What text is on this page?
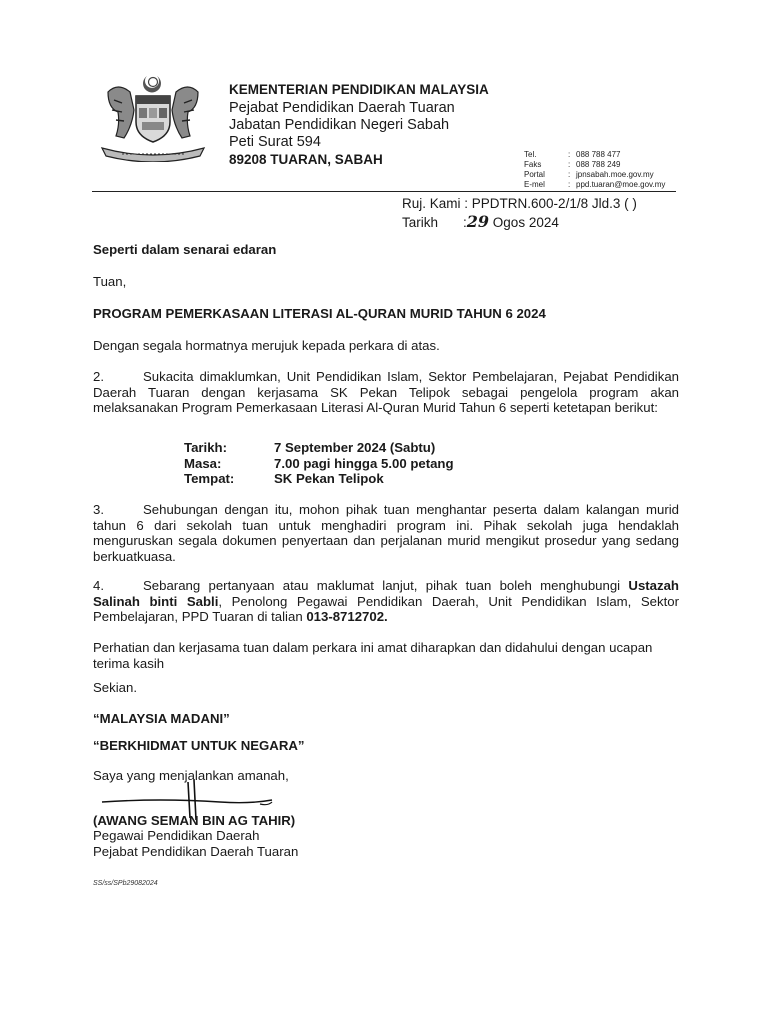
KEMENTERIAN PENDIDIKAN MALAYSIA
Pejabat Pendidikan Daerah Tuaran
Jabatan Pendidikan Negeri Sabah
Peti Surat 594
89208 TUARAN, SABAH	Tel.	: 088 788 477
Faks	: 088 788 249
Portal	: jpnsabah.moe.gov.my
E-mel	: ppd.tuaran@moe.gov.my
Ruj. Kami : PPDTRN.600-2/1/8 Jld.3 ( )
Tarikh :29 Ogos 2024
Seperti dalam senarai edaran
Tuan,
PROGRAM PEMERKASAAN LITERASI AL-QURAN MURID TAHUN 6 2024
Dengan segala hormatnya merujuk kepada perkara di atas.
2.	Sukacita dimaklumkan, Unit Pendidikan Islam, Sektor Pembelajaran, Pejabat Pendidikan Daerah Tuaran dengan kerjasama SK Pekan Telipok sebagai pengelola program akan melaksanakan Program Pemerkasaan Literasi Al-Quran Murid Tahun 6 seperti ketetapan berikut:
Tarikh:	7 September 2024 (Sabtu)
Masa:	7.00 pagi hingga 5.00 petang
Tempat:	SK Pekan Telipok
3.	Sehubungan dengan itu, mohon pihak tuan menghantar peserta dalam kalangan murid tahun 6 dari sekolah tuan untuk menghadiri program ini. Pihak sekolah juga hendaklah menguruskan segala dokumen penyertaan dan perjalanan murid mengikut prosedur yang sedang berkuatkuasa.
4.	Sebarang pertanyaan atau maklumat lanjut, pihak tuan boleh menghubungi Ustazah Salinah binti Sabli, Penolong Pegawai Pendidikan Daerah, Unit Pendidikan Islam, Sektor Pembelajaran, PPD Tuaran di talian 013-8712702.
Perhatian dan kerjasama tuan dalam perkara ini amat diharapkan dan didahului dengan ucapan terima kasih
Sekian.
“MALAYSIA MADANI”
“BERKHIDMAT UNTUK NEGARA”
Saya yang menjalankan amanah,
(AWANG SEMAN BIN AG TAHIR)
Pegawai Pendidikan Daerah
Pejabat Pendidikan Daerah Tuaran
SS/ss/SPb29082024
